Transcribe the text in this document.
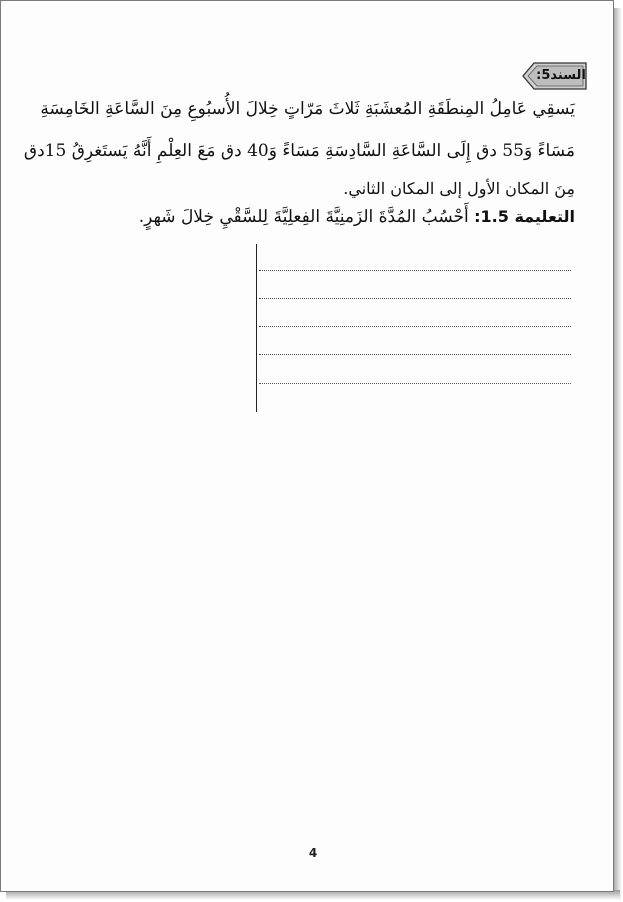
السند5:
يَسقِي عَامِلُ المِنطَقَةِ المُعشَبَةِ ثَلاثَ مَرّاتٍ خِلالَ الأُسبُوعِ مِنَ السَّاعَةِ الخَامِسَةِ
مَسَاءً وَ55 دق إِلَى السَّاعَةِ السَّادِسَةِ مَسَاءً وَ40 دق مَعَ العِلْمِ أَنَّهُ يَستَغرِقُ 15دق
مِنَ المكان الأول إلى المكان الثاني.
التعليمة 1.5: أَحْسُبُ المُدَّةَ الزَمنِيَّةَ الفِعلِيَّةَ لِلسَّقْيِ خِلالَ شَهرٍ.
4
